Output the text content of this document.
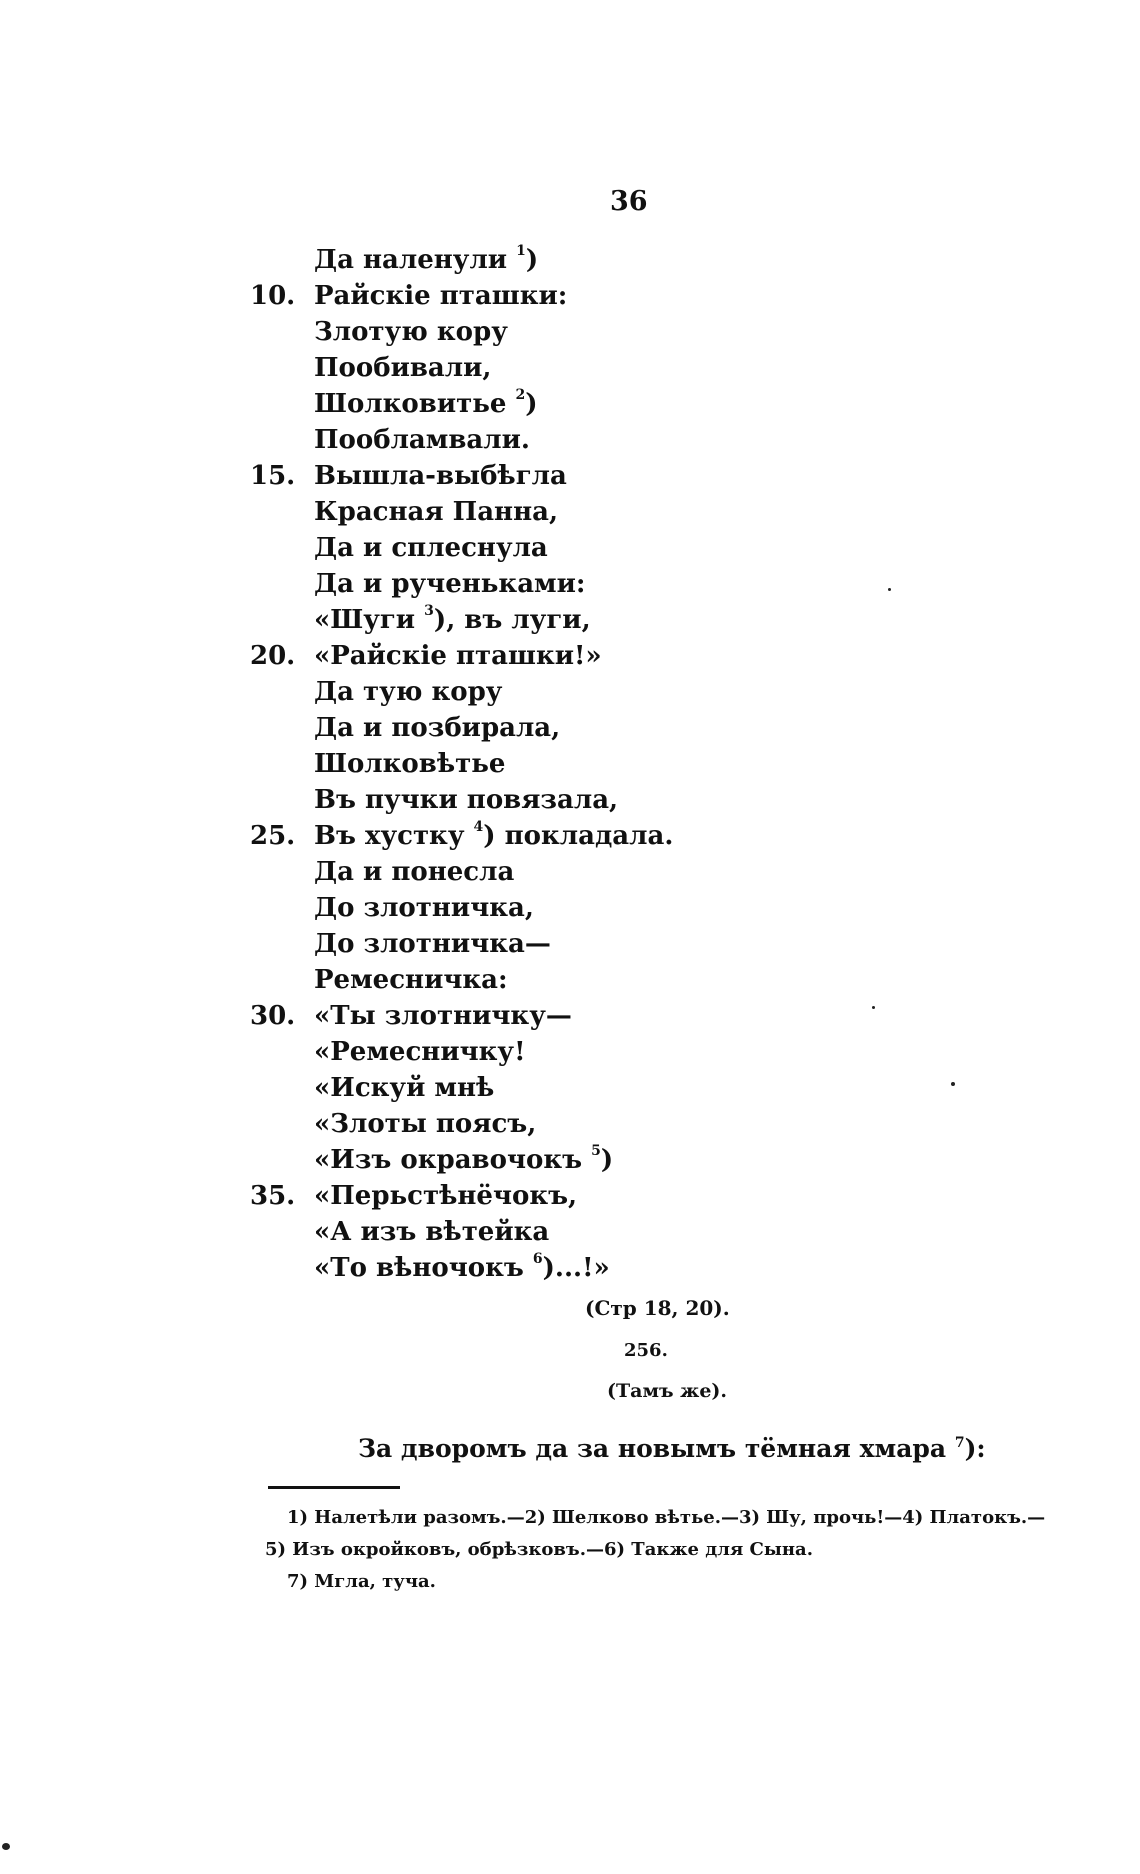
36
Да наленули $^1$)
10. Райскіе пташки:
Злотую кору
Пообивали,
Шолковитье $^2$)
Пообламвали.
15. Вышла-выбѣгла
Красная Панна,
Да и сплеснула
Да и рученьками:
«Шуги $^3$), въ луги,
20. «Райскіе пташки!»
Да тую кору
Да и позбирала,
Шолковѣтье
Въ пучки повязала,
25. Въ хустку $^4$) покладала.
Да и понесла
До злотничка,
До злотничка—
Ремесничка:
30. «Ты злотничку—
«Ремесничку!
«Искуй мнѣ
«Злоты поясъ,
«Изъ окравочокъ $^5$)
35. «Перьстѣнёчокъ,
«А изъ вѣтейка
«То вѣночокъ $^6$)...!»
(Стр 18, 20).
256.
(Тамъ же).
За дворомъ да за новымъ тёмная хмара $^7$):
1) Налетѣли разомъ.—2) Шелково вѣтье.—3) Шу, прочь!—4) Платокъ.—
5) Изъ окройковъ, обрѣзковъ.—6) Также для Сына.
7) Мгла, туча.
